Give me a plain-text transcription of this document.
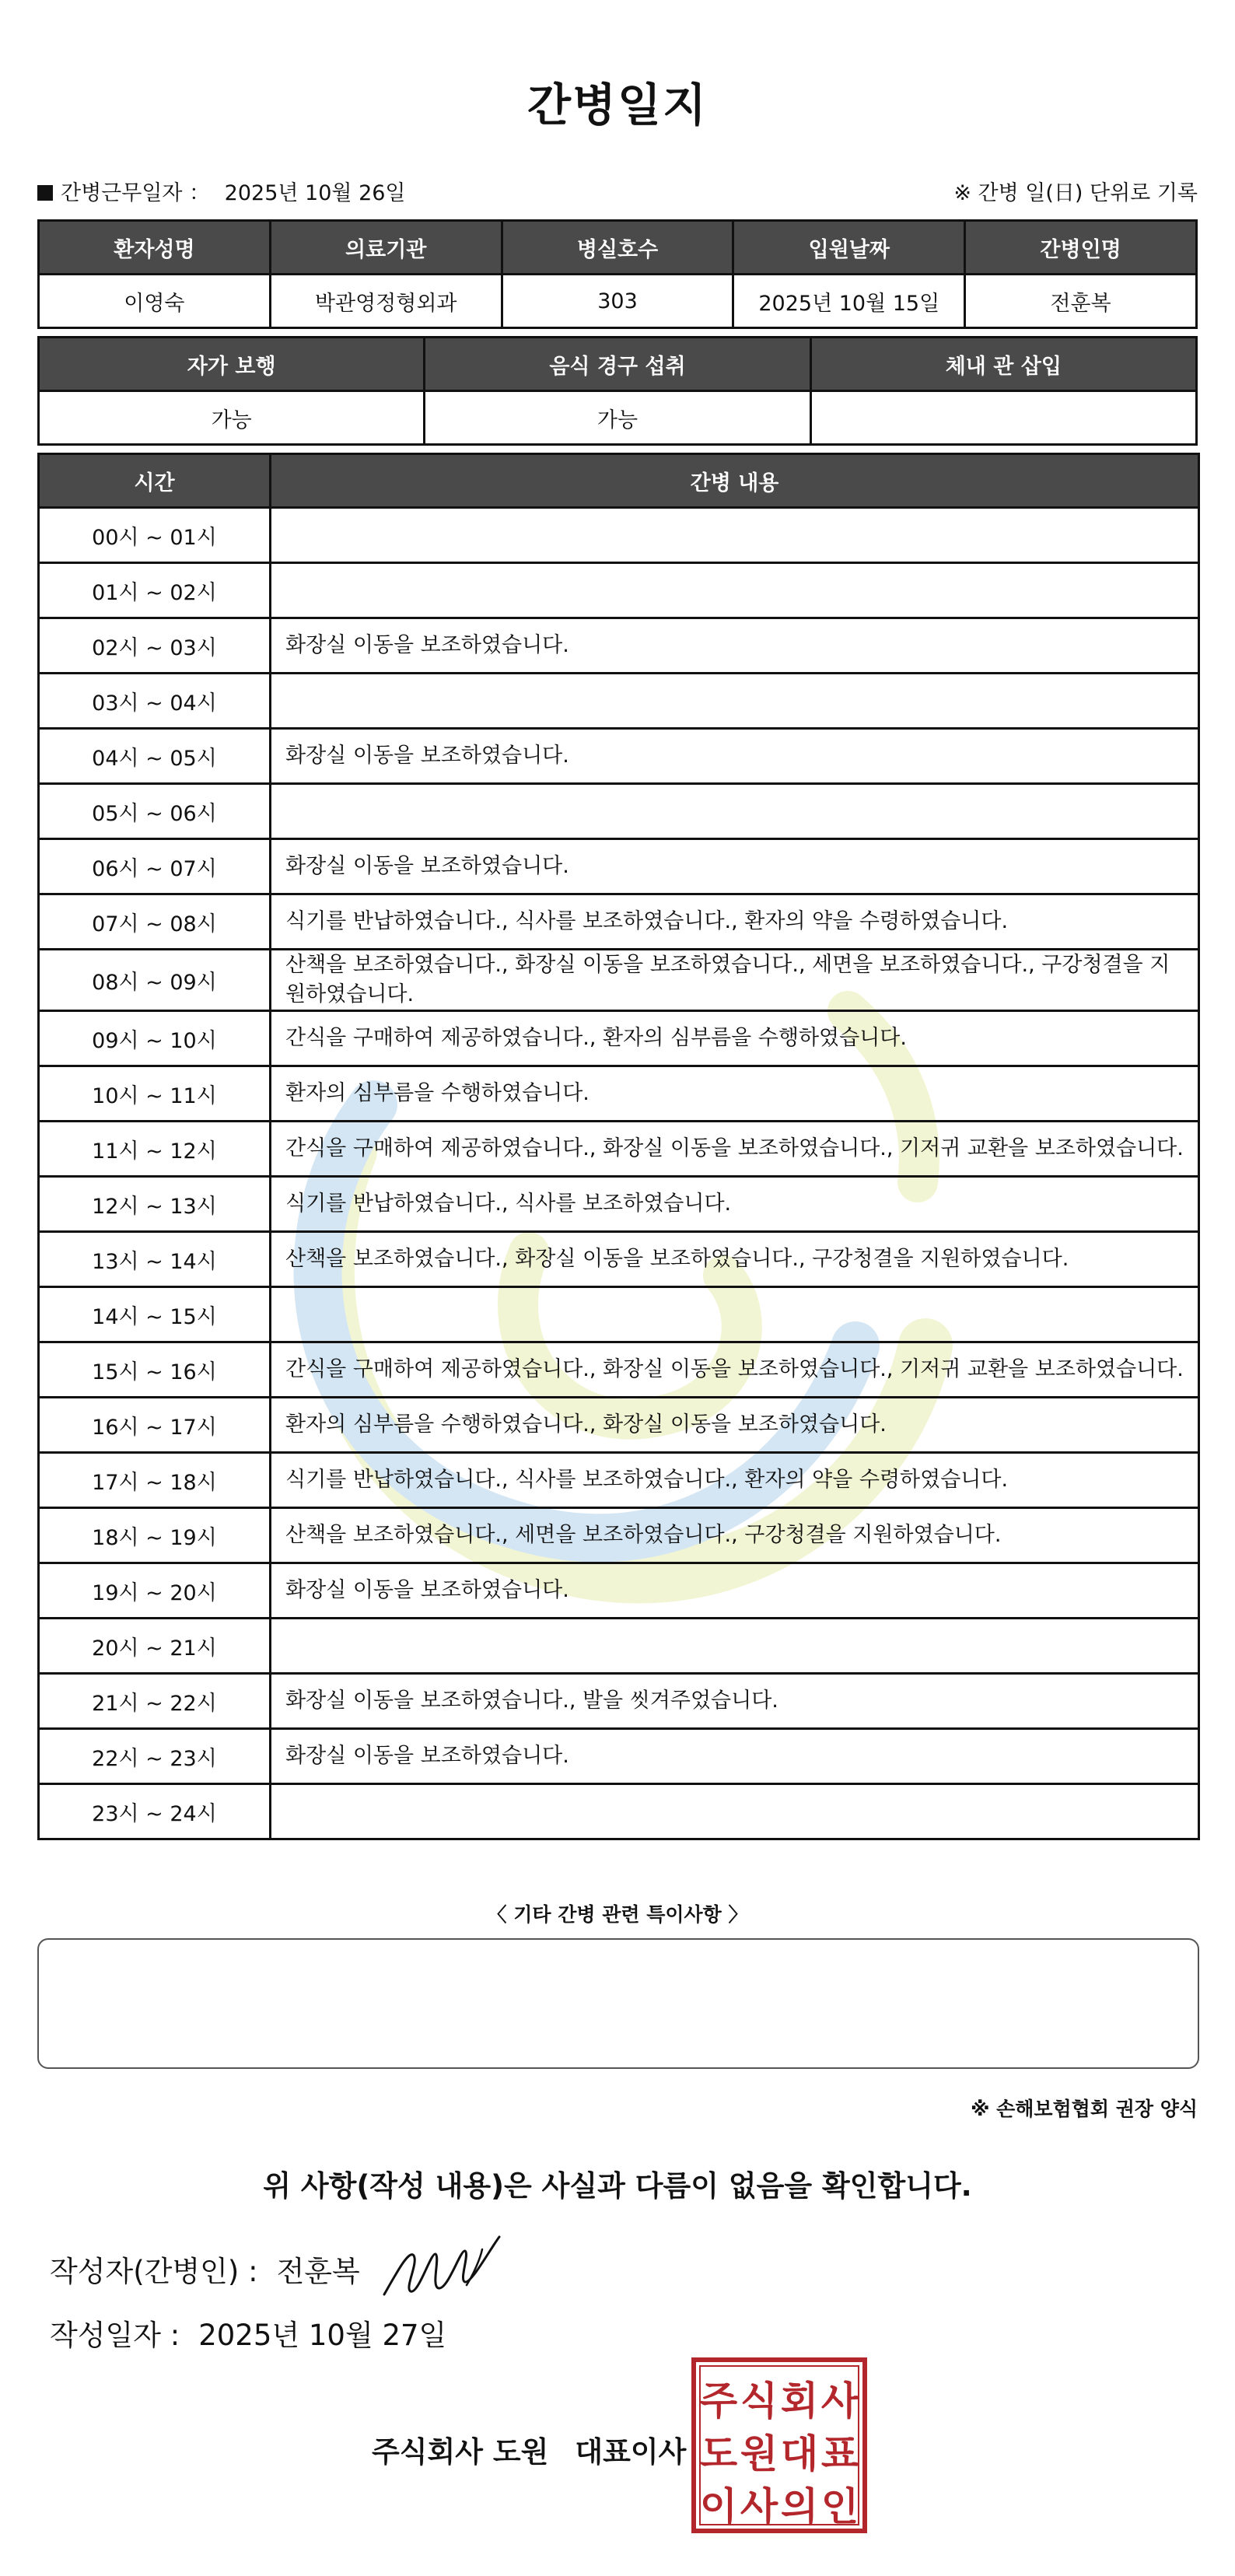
간병일지
간병근무일자 ： 2025년 10월 26일	※ 간병 일(日) 단위로 기록
환자성명	의료기관	병실호수	입원날짜	간병인명
이영숙	박관영정형외과	303	2025년 10월 15일	전훈복
자가 보행	음식 경구 섭취	체내 관 삽입
가능	가능	
시간	간병 내용
00시 ~ 01시	
01시 ~ 02시	
02시 ~ 03시	화장실 이동을 보조하였습니다.
03시 ~ 04시	
04시 ~ 05시	화장실 이동을 보조하였습니다.
05시 ~ 06시	
06시 ~ 07시	화장실 이동을 보조하였습니다.
07시 ~ 08시	식기를 반납하였습니다., 식사를 보조하였습니다., 환자의 약을 수령하였습니다.
08시 ~ 09시	산책을 보조하였습니다., 화장실 이동을 보조하였습니다., 세면을 보조하였습니다., 구강청결을 지원하였습니다.
09시 ~ 10시	간식을 구매하여 제공하였습니다., 환자의 심부름을 수행하였습니다.
10시 ~ 11시	환자의 심부름을 수행하였습니다.
11시 ~ 12시	간식을 구매하여 제공하였습니다., 화장실 이동을 보조하였습니다., 기저귀 교환을 보조하였습니다.
12시 ~ 13시	식기를 반납하였습니다., 식사를 보조하였습니다.
13시 ~ 14시	산책을 보조하였습니다., 화장실 이동을 보조하였습니다., 구강청결을 지원하였습니다.
14시 ~ 15시	
15시 ~ 16시	간식을 구매하여 제공하였습니다., 화장실 이동을 보조하였습니다., 기저귀 교환을 보조하였습니다.
16시 ~ 17시	환자의 심부름을 수행하였습니다., 화장실 이동을 보조하였습니다.
17시 ~ 18시	식기를 반납하였습니다., 식사를 보조하였습니다., 환자의 약을 수령하였습니다.
18시 ~ 19시	산책을 보조하였습니다., 세면을 보조하였습니다., 구강청결을 지원하였습니다.
19시 ~ 20시	화장실 이동을 보조하였습니다.
20시 ~ 21시	
21시 ~ 22시	화장실 이동을 보조하였습니다., 발을 씻겨주었습니다.
22시 ~ 23시	화장실 이동을 보조하였습니다.
23시 ~ 24시	
〈 기타 간병 관련 특이사항 〉
※ 손해보험협회 권장 양식
위 사항(작성 내용)은 사실과 다름이 없음을 확인합니다.
작성자(간병인) : 전훈복
작성일자 : 2025년 10월 27일
주식회사 도원 대표이사
주 식 회 사
도 원 대 표
이 사 의 인
